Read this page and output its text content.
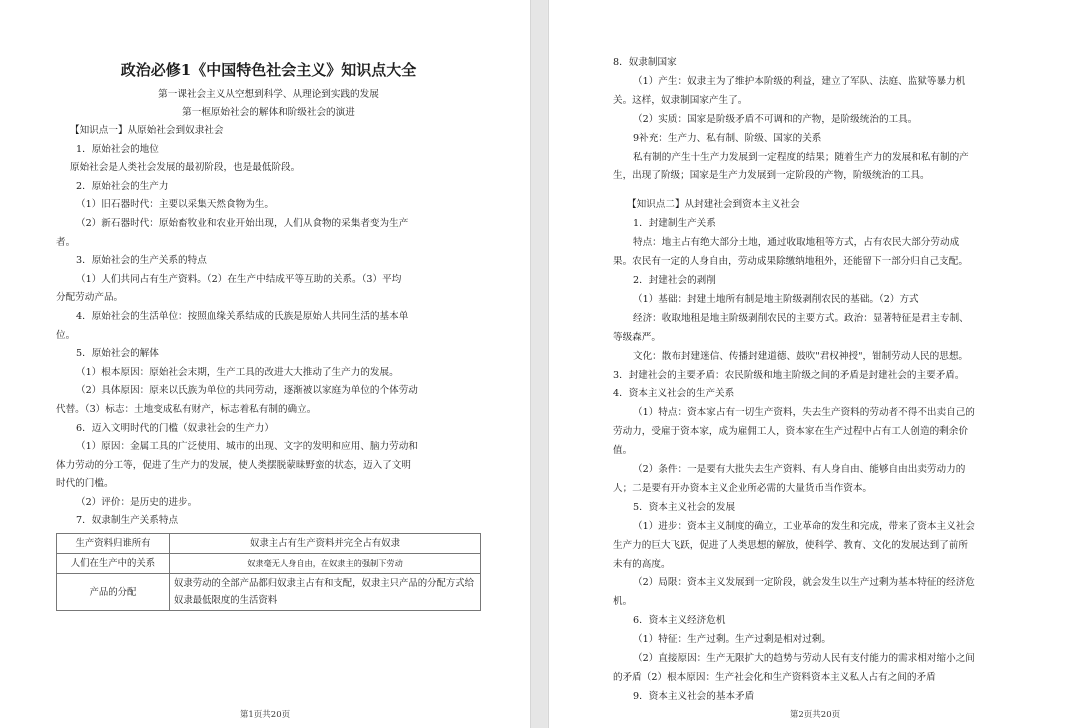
政治必修1《中国特色社会主义》知识点大全
第一课社会主义从空想到科学、从理论到实践的发展
第一框原始社会的解体和阶级社会的演进

【知识点一】从原始社会到奴隶社会

1．原始社会的地位

原始社会是人类社会发展的最初阶段，也是最低阶段。

2．原始社会的生产力

（1）旧石器时代：主要以采集天然食物为生。

（2）新石器时代：原始畜牧业和农业开始出现，人们从食物的采集者变为生产

者。

3．原始社会的生产关系的特点

（1）人们共同占有生产资料。（2）在生产中结成平等互助的关系。（3）平均

分配劳动产品。

4．原始社会的生活单位：按照血缘关系结成的氏族是原始人共同生活的基本单

位。

5．原始社会的解体

（1）根本原因：原始社会末期，生产工具的改进大大推动了生产力的发展。

（2）具体原因：原来以氏族为单位的共同劳动，逐渐被以家庭为单位的个体劳动

代替。（3）标志：土地变成私有财产，标志着私有制的确立。

6．迈入文明时代的门槛（奴隶社会的生产力）

（1）原因：金属工具的广泛使用、城市的出现、文字的发明和应用、脑力劳动和

体力劳动的分工等，促进了生产力的发展，使人类摆脱蒙昧野蛮的状态，迈入了文明

时代的门槛。

（2）评价：是历史的进步。

7．奴隶制生产关系特点

生产资料归谁所有	奴隶主占有生产资料并完全占有奴隶
人们在生产中的关系	奴隶毫无人身自由，在奴隶主的强制下劳动
产品的分配	奴隶劳动的全部产品都归奴隶主占有和支配，奴隶主只产品的分配方式给奴隶最低限度的生活资料
第1页共20页

8．奴隶制国家

（1）产生：奴隶主为了维护本阶级的利益，建立了军队、法庭、监狱等暴力机

关。这样，奴隶制国家产生了。

（2）实质：国家是阶级矛盾不可调和的产物，是阶级统治的工具。

9补充：生产力、私有制、阶级、国家的关系

私有制的产生十生产力发展到一定程度的结果；随着生产力的发展和私有制的产

生，出现了阶级；国家是生产力发展到一定阶段的产物，阶级统治的工具。

【知识点二】从封建社会到资本主义社会

1．封建制生产关系

特点：地主占有绝大部分土地，通过收取地租等方式，占有农民大部分劳动成

果。农民有一定的人身自由，劳动成果除缴纳地租外，还能留下一部分归自己支配。

2．封建社会的剥削

（1）基础：封建土地所有制是地主阶级剥削农民的基础。（2）方式

经济：收取地租是地主阶级剥削农民的主要方式。政治：显著特征是君主专制、

等级森严。

文化：散布封建迷信、传播封建道德、鼓吹"君权神授"，钳制劳动人民的思想。

3．封建社会的主要矛盾：农民阶级和地主阶级之间的矛盾是封建社会的主要矛盾。

4．资本主义社会的生产关系

（1）特点：资本家占有一切生产资料，失去生产资料的劳动者不得不出卖自己的

劳动力，受雇于资本家，成为雇佣工人，资本家在生产过程中占有工人创造的剩余价

值。

（2）条件：一是要有大批失去生产资料、有人身自由、能够自由出卖劳动力的

人；二是要有开办资本主义企业所必需的大量货币当作资本。

5．资本主义社会的发展

（1）进步：资本主义制度的确立，工业革命的发生和完成，带来了资本主义社会

生产力的巨大飞跃，促进了人类思想的解放，使科学、教育、文化的发展达到了前所

未有的高度。

（2）局限：资本主义发展到一定阶段，就会发生以生产过剩为基本特征的经济危

机。

6．资本主义经济危机

（1）特征：生产过剩。生产过剩是相对过剩。

（2）直接原因：生产无限扩大的趋势与劳动人民有支付能力的需求相对缩小之间

的矛盾（2）根本原因：生产社会化和生产资料资本主义私人占有之间的矛盾

9．资本主义社会的基本矛盾

第2页共20页
